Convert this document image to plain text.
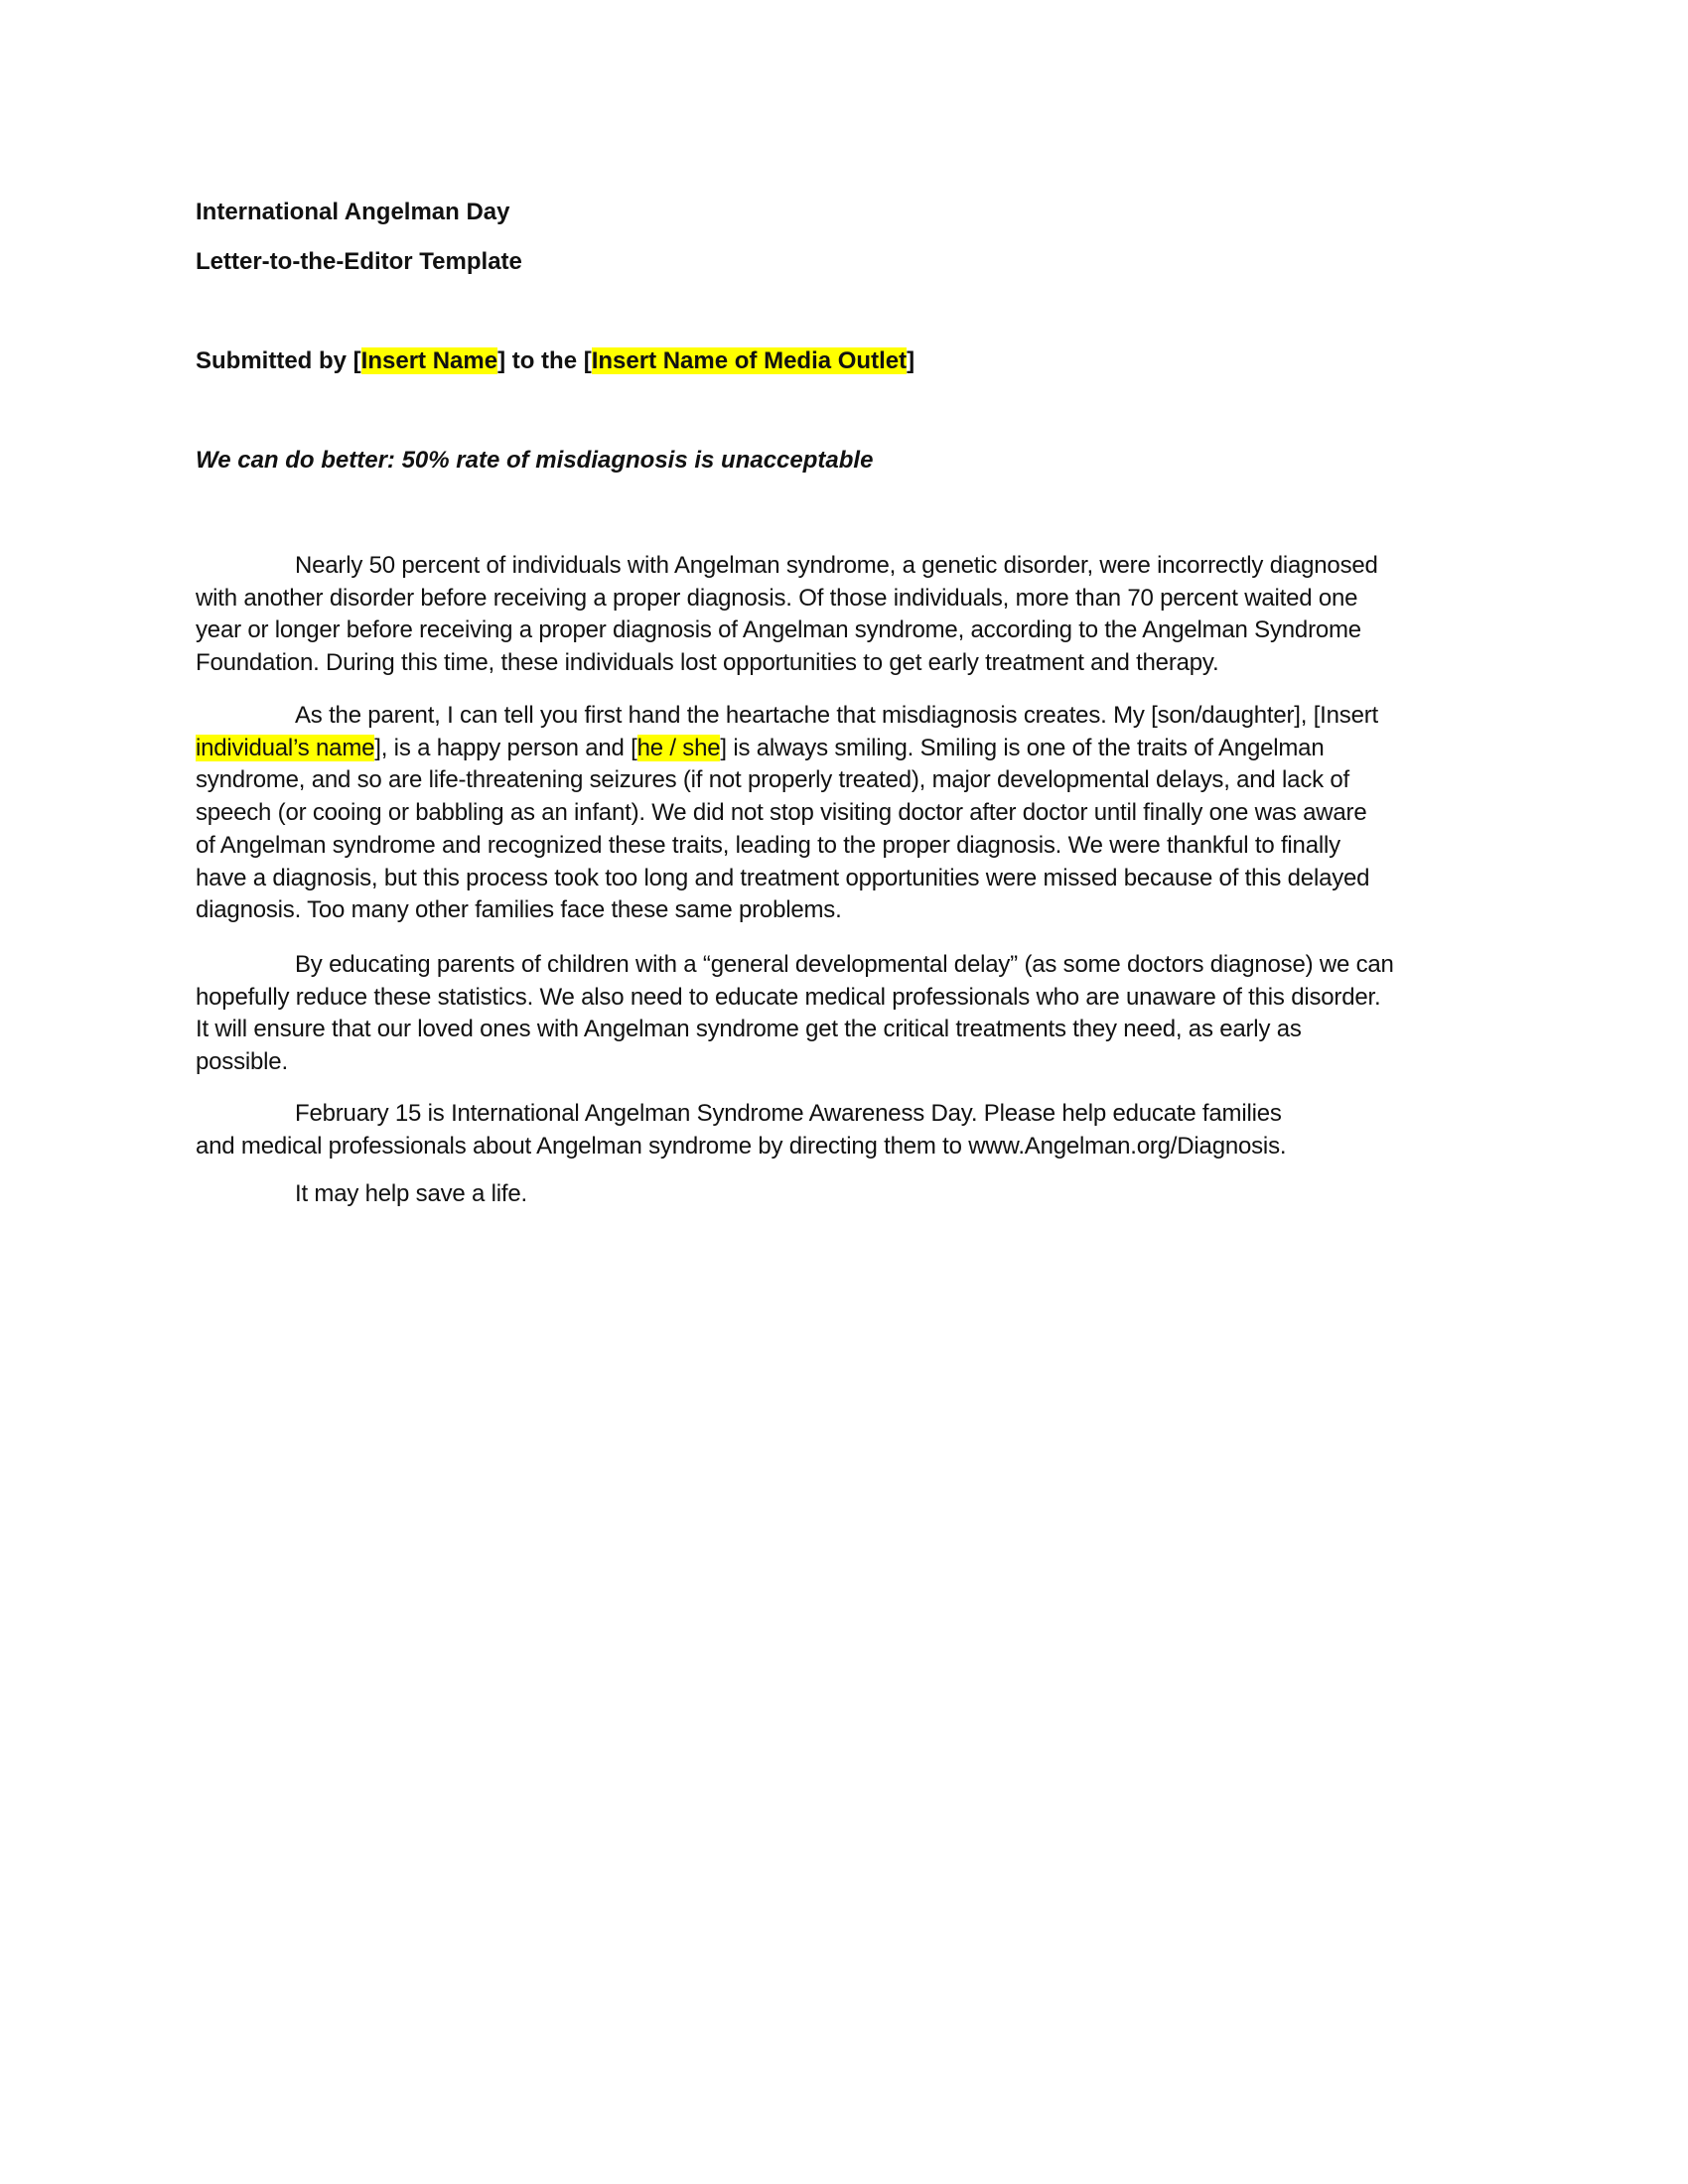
International Angelman Day
Letter-to-the-Editor Template
Submitted by [Insert Name] to the [Insert Name of Media Outlet]
We can do better: 50% rate of misdiagnosis is unacceptable
Nearly 50 percent of individuals with Angelman syndrome, a genetic disorder, were incorrectly diagnosed
with another disorder before receiving a proper diagnosis. Of those individuals, more than 70 percent waited one
year or longer before receiving a proper diagnosis of Angelman syndrome, according to the Angelman Syndrome
Foundation. During this time, these individuals lost opportunities to get early treatment and therapy.
As the parent, I can tell you first hand the heartache that misdiagnosis creates. My [son/daughter], [Insert
individual’s name], is a happy person and [he / she] is always smiling. Smiling is one of the traits of Angelman
syndrome, and so are life-threatening seizures (if not properly treated), major developmental delays, and lack of
speech (or cooing or babbling as an infant). We did not stop visiting doctor after doctor until finally one was aware
of Angelman syndrome and recognized these traits, leading to the proper diagnosis. We were thankful to finally
have a diagnosis, but this process took too long and treatment opportunities were missed because of this delayed
diagnosis. Too many other families face these same problems.
By educating parents of children with a “general developmental delay” (as some doctors diagnose) we can
hopefully reduce these statistics. We also need to educate medical professionals who are unaware of this disorder.
It will ensure that our loved ones with Angelman syndrome get the critical treatments they need, as early as
possible.
February 15 is International Angelman Syndrome Awareness Day. Please help educate families
and medical professionals about Angelman syndrome by directing them to www.Angelman.org/Diagnosis.
It may help save a life.
